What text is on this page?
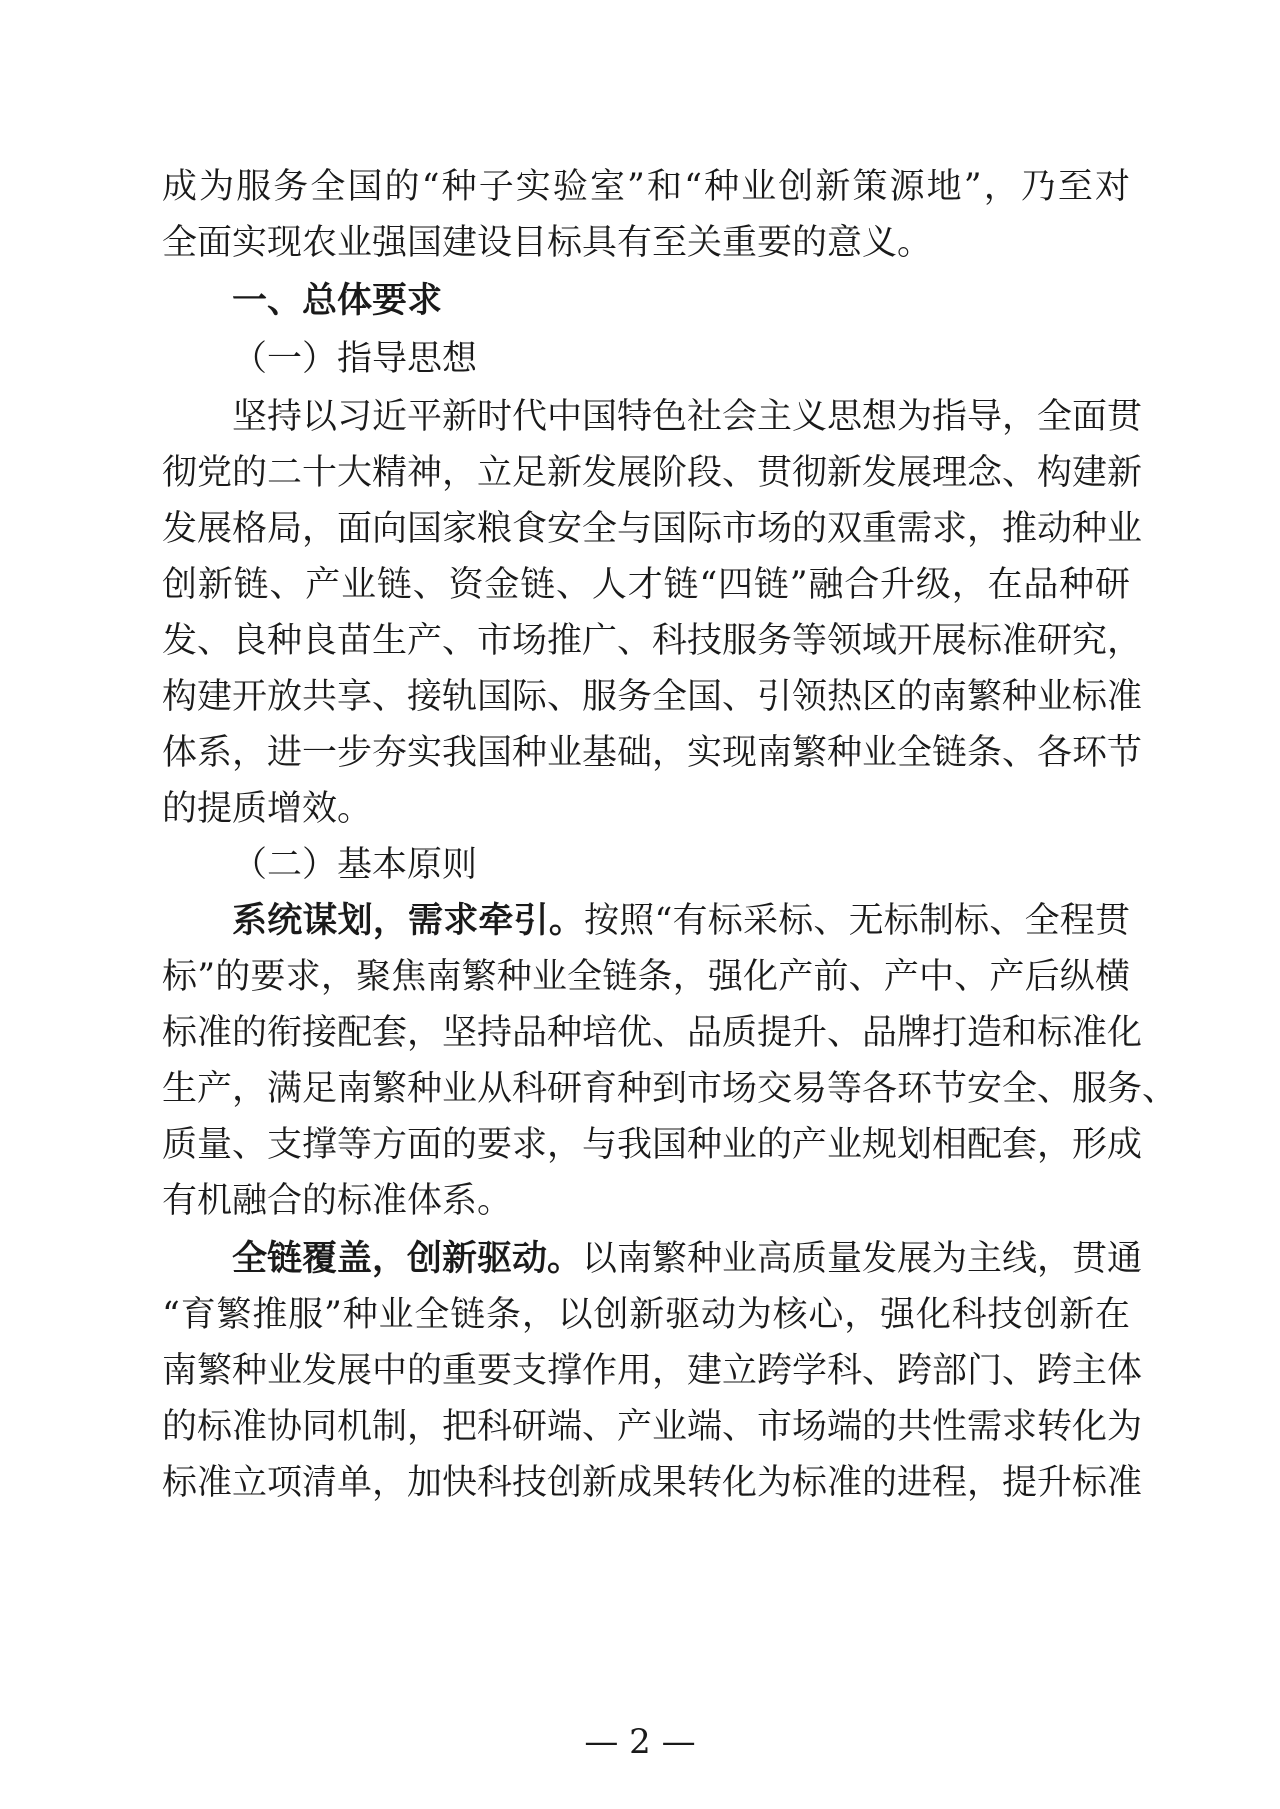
成为服务全国的“种子实验室”和“种业创新策源地”，乃至对
全面实现农业强国建设目标具有至关重要的意义。
一、总体要求
（一）指导思想
坚持以习近平新时代中国特色社会主义思想为指导，全面贯
彻党的二十大精神，立足新发展阶段、贯彻新发展理念、构建新
发展格局，面向国家粮食安全与国际市场的双重需求，推动种业
创新链、产业链、资金链、人才链“四链”融合升级，在品种研
发、良种良苗生产、市场推广、科技服务等领域开展标准研究，
构建开放共享、接轨国际、服务全国、引领热区的南繁种业标准
体系，进一步夯实我国种业基础，实现南繁种业全链条、各环节
的提质增效。
（二）基本原则
系统谋划，需求牵引。按照“有标采标、无标制标、全程贯
标”的要求，聚焦南繁种业全链条，强化产前、产中、产后纵横
标准的衔接配套，坚持品种培优、品质提升、品牌打造和标准化
生产，满足南繁种业从科研育种到市场交易等各环节安全、服务、
质量、支撑等方面的要求，与我国种业的产业规划相配套，形成
有机融合的标准体系。
全链覆盖，创新驱动。以南繁种业高质量发展为主线，贯通
“育繁推服”种业全链条，以创新驱动为核心，强化科技创新在
南繁种业发展中的重要支撑作用，建立跨学科、跨部门、跨主体
的标准协同机制，把科研端、产业端、市场端的共性需求转化为
标准立项清单，加快科技创新成果转化为标准的进程，提升标准
— 2 —
